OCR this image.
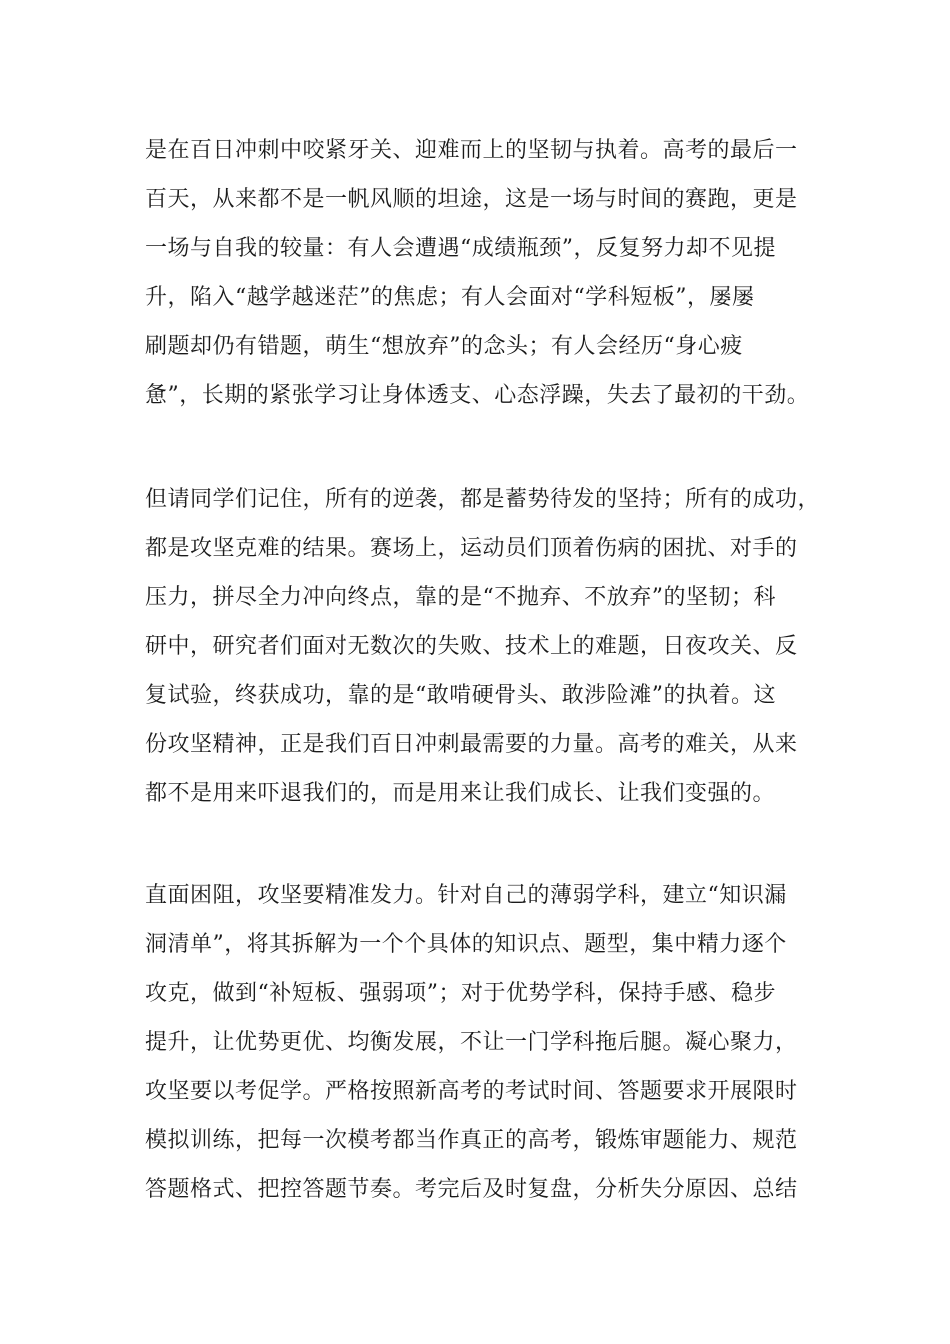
是在百日冲刺中咬紧牙关、迎难而上的坚韧与执着。高考的最后一
百天，从来都不是一帆风顺的坦途，这是一场与时间的赛跑，更是
一场与自我的较量：有人会遭遇“成绩瓶颈”，反复努力却不见提
升，陷入“越学越迷茫”的焦虑；有人会面对“学科短板”，屡屡
刷题却仍有错题，萌生“想放弃”的念头；有人会经历“身心疲
惫”，长期的紧张学习让身体透支、心态浮躁，失去了最初的干劲。
但请同学们记住，所有的逆袭，都是蓄势待发的坚持；所有的成功，
都是攻坚克难的结果。赛场上，运动员们顶着伤病的困扰、对手的
压力，拼尽全力冲向终点，靠的是“不抛弃、不放弃”的坚韧；科
研中，研究者们面对无数次的失败、技术上的难题，日夜攻关、反
复试验，终获成功，靠的是“敢啃硬骨头、敢涉险滩”的执着。这
份攻坚精神，正是我们百日冲刺最需要的力量。高考的难关，从来
都不是用来吓退我们的，而是用来让我们成长、让我们变强的。
直面困阻，攻坚要精准发力。针对自己的薄弱学科，建立“知识漏
洞清单”，将其拆解为一个个具体的知识点、题型，集中精力逐个
攻克，做到“补短板、强弱项”；对于优势学科，保持手感、稳步
提升，让优势更优、均衡发展，不让一门学科拖后腿。凝心聚力，
攻坚要以考促学。严格按照新高考的考试时间、答题要求开展限时
模拟训练，把每一次模考都当作真正的高考，锻炼审题能力、规范
答题格式、把控答题节奏。考完后及时复盘，分析失分原因、总结
